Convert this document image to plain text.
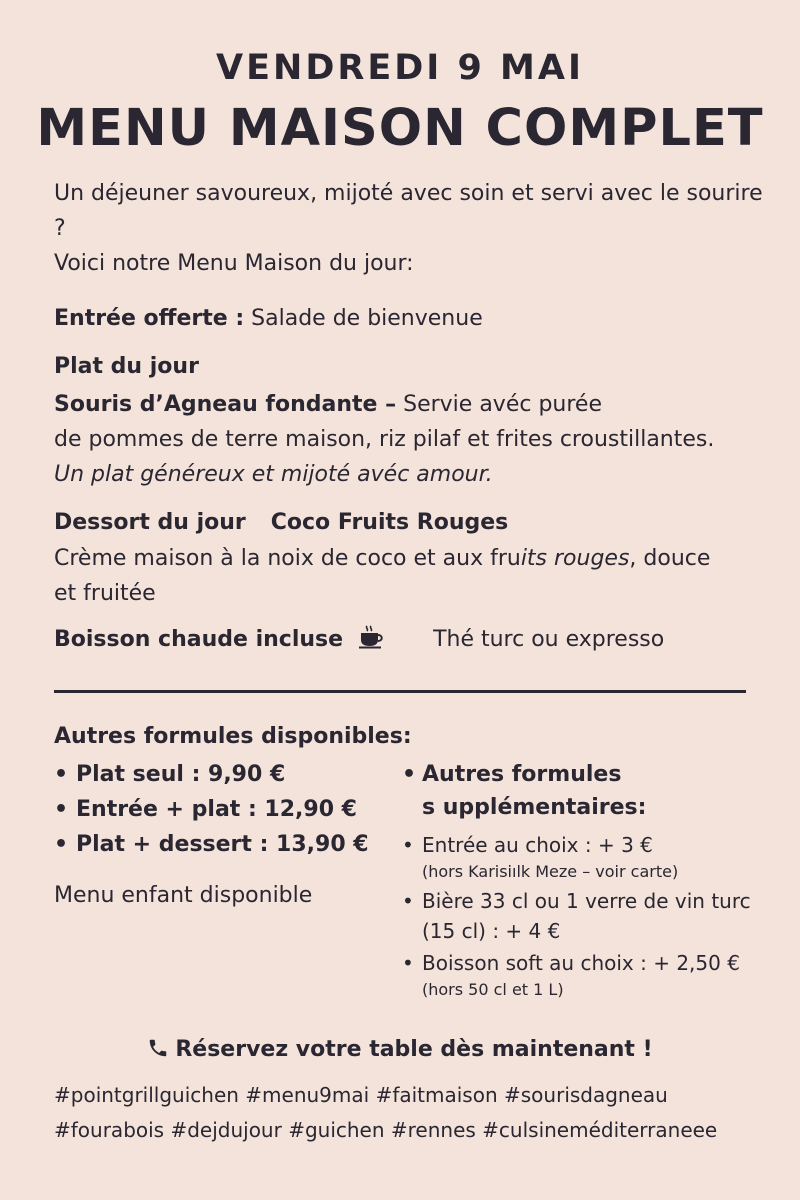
VENDREDI 9 MAI
MENU MAISON COMPLET
Un déjeuner savoureux, mijoté avec soin et servi avec le sourire ?
Voici notre Menu Maison du jour:
Entrée offerte : Salade de bienvenue
Plat du jour
Souris d’Agneau fondante – Servie avéc purée
de pommes de terre maison, riz pilaf et frites croustillantes.
Un plat généreux et mijoté avéc amour.
Dessort du jour Coco Fruits Rouges
Crème maison à la noix de coco et aux fruits rouges, douce
et fruitée
Boisson chaude incluse	Thé turc ou expresso
Autres formules disponibles:
• Plat seul : 9,90 €
• Entrée + plat : 12,90 €
• Plat + dessert : 13,90 €
Menu enfant disponible
• Autres formules
s upplémentaires:
• Entrée au choix : + 3 €
(hors Karisiılk Meze – voir carte)
• Bière 33 cl ou 1 verre de vin turc (15 cl) : + 4 €
• Boisson soft au choix : + 2,50 €
(hors 50 cl et 1 L)
Réservez votre table dès maintenant !
#pointgrillguichen #menu9mai #faitmaison #sourisdagneau
#fourabois #dejdujour #guichen #rennes #culsineméditerraneee
